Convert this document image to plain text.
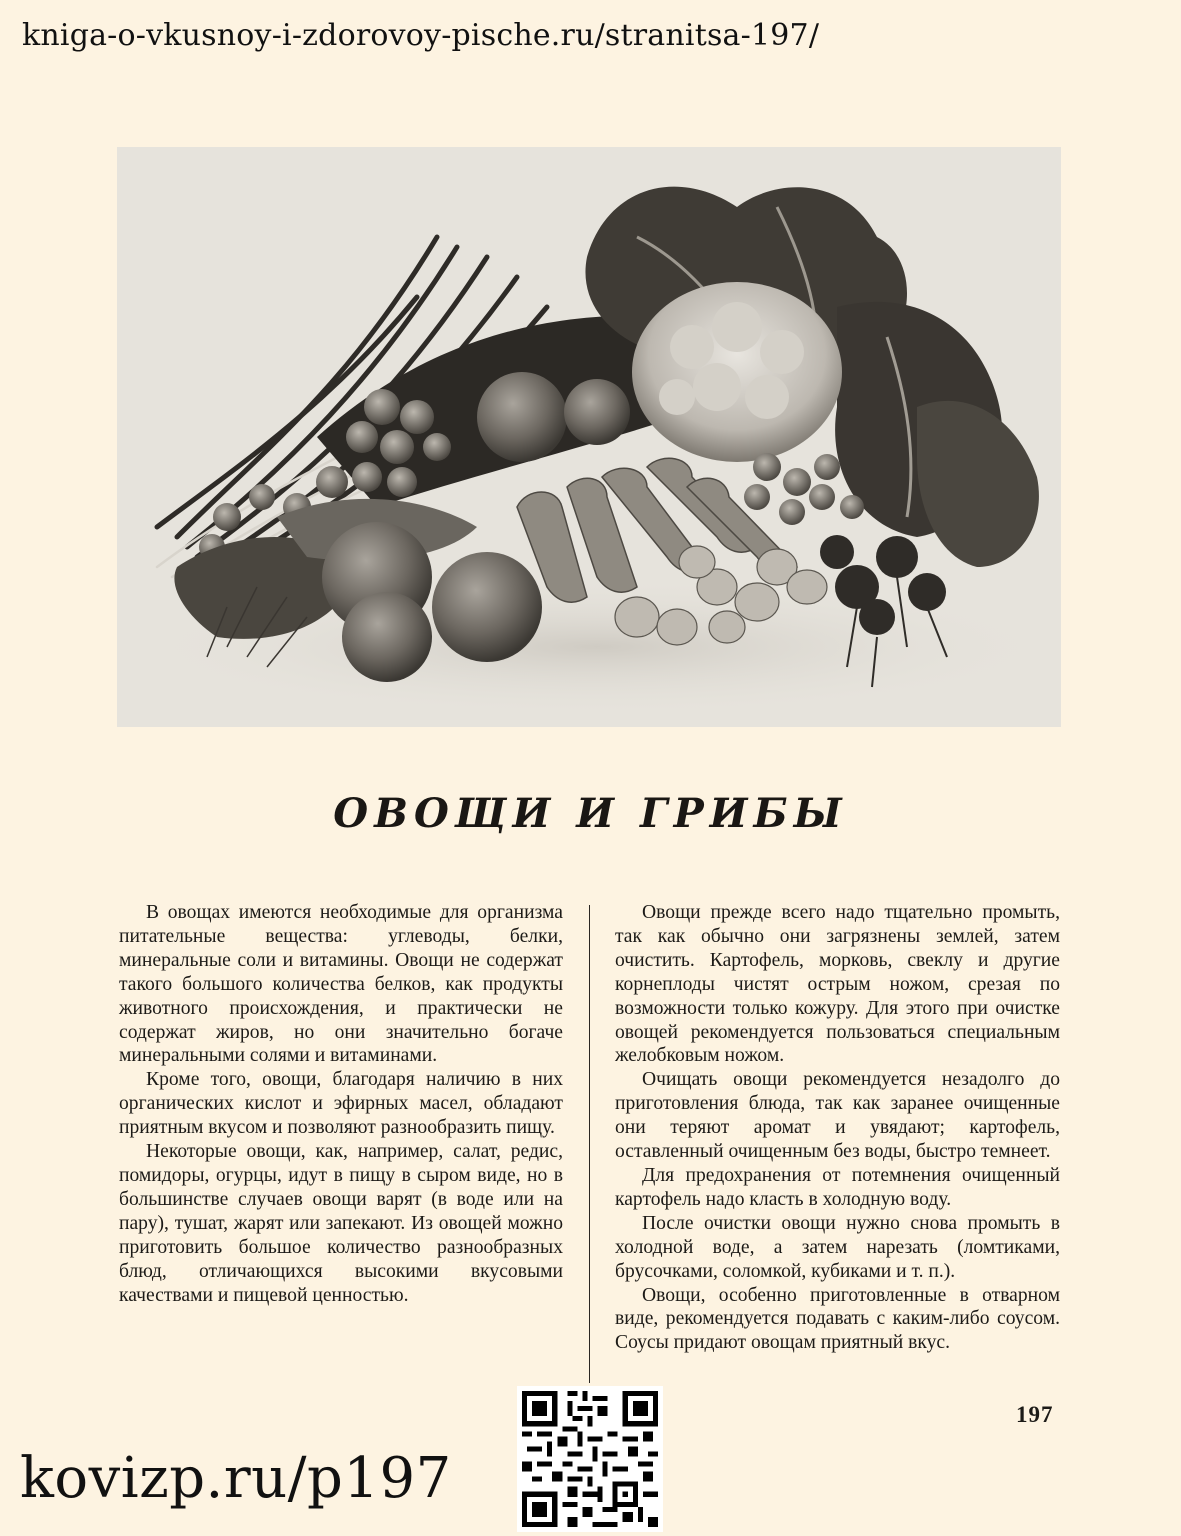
kniga-o-vkusnoy-i-zdorovoy-pische.ru/stranitsa-197/
ОВОЩИ И ГРИБЫ

В овощах имеются необходимые для организма питательные вещества: углеводы, белки, минеральные соли и витамины. Овощи не содержат такого большого количества белков, как продукты животного происхождения, и практически не содержат жиров, но они значительно богаче минеральными солями и витаминами.

Кроме того, овощи, благодаря наличию в них органических кислот и эфирных масел, обладают приятным вкусом и позволяют разнообразить пищу.

Некоторые овощи, как, например, салат, редис, помидоры, огурцы, идут в пищу в сыром виде, но в большинстве случаев овощи варят (в воде или на пару), тушат, жарят или запекают. Из овощей можно приготовить большое количество разнообразных блюд, отличающихся высокими вкусовыми качествами и пищевой ценностью.

Овощи прежде всего надо тщательно промыть, так как обычно они загрязнены землей, затем очистить. Картофель, морковь, свеклу и другие корнеплоды чистят острым ножом, срезая по возможности только кожуру. Для этого при очистке овощей рекомендуется пользоваться специальным желобковым ножом.

Очищать овощи рекомендуется незадолго до приготовления блюда, так как заранее очищенные они теряют аромат и увядают; картофель, оставленный очищенным без воды, быстро темнеет.

Для предохранения от потемнения очищенный картофель надо класть в холодную воду.

После очистки овощи нужно снова промыть в холодной воде, а затем нарезать (ломтиками, брусочками, соломкой, кубиками и т. п.).

Овощи, особенно приготовленные в отварном виде, рекомендуется подавать с каким-либо соусом. Соусы придают овощам приятный вкус.

197
kovizp.ru/p197
